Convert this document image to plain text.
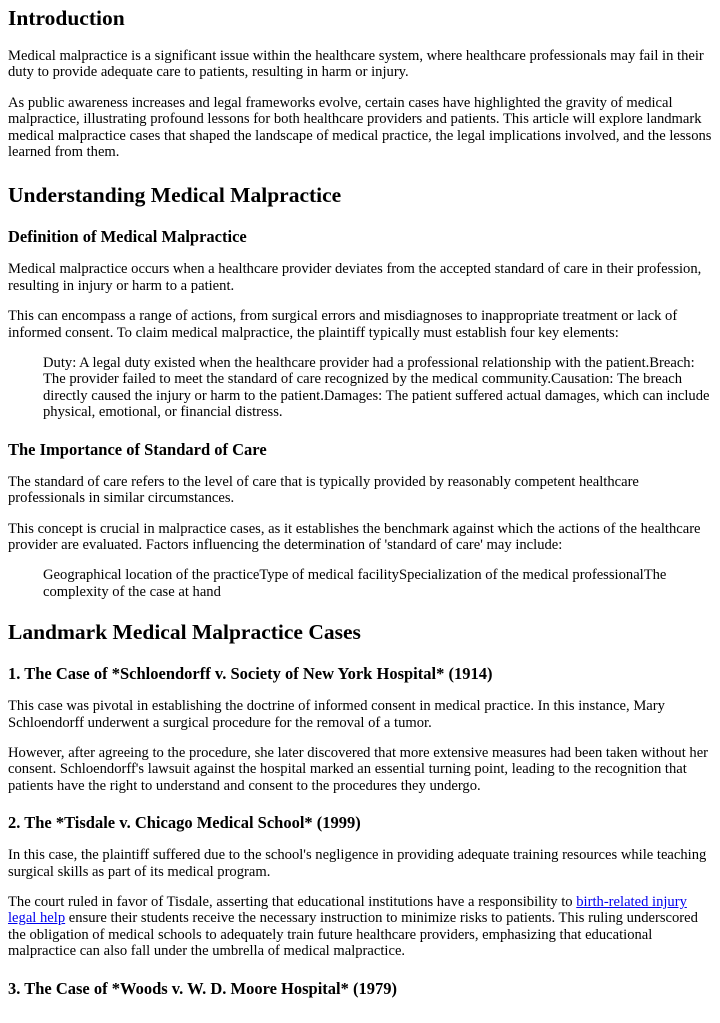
Introduction

Medical malpractice is a significant issue within the healthcare system, where healthcare professionals may fail in their duty to provide adequate care to patients, resulting in harm or injury.

As public awareness increases and legal frameworks evolve, certain cases have highlighted the gravity of medical malpractice, illustrating profound lessons for both healthcare providers and patients. This article will explore landmark medical malpractice cases that shaped the landscape of medical practice, the legal implications involved, and the lessons learned from them.

Understanding Medical Malpractice
Definition of Medical Malpractice

Medical malpractice occurs when a healthcare provider deviates from the accepted standard of care in their profession, resulting in injury or harm to a patient.

This can encompass a range of actions, from surgical errors and misdiagnoses to inappropriate treatment or lack of informed consent. To claim medical malpractice, the plaintiff typically must establish four key elements:

Duty: A legal duty existed when the healthcare provider had a professional relationship with the patient.Breach: The provider failed to meet the standard of care recognized by the medical community.Causation: The breach directly caused the injury or harm to the patient.Damages: The patient suffered actual damages, which can include physical, emotional, or financial distress.
The Importance of Standard of Care

The standard of care refers to the level of care that is typically provided by reasonably competent healthcare professionals in similar circumstances.

This concept is crucial in malpractice cases, as it establishes the benchmark against which the actions of the healthcare provider are evaluated. Factors influencing the determination of 'standard of care' may include:

Geographical location of the practiceType of medical facilitySpecialization of the medical professionalThe complexity of the case at hand
Landmark Medical Malpractice Cases
1. The Case of *Schloendorff v. Society of New York Hospital* (1914)

This case was pivotal in establishing the doctrine of informed consent in medical practice. In this instance, Mary Schloendorff underwent a surgical procedure for the removal of a tumor.

However, after agreeing to the procedure, she later discovered that more extensive measures had been taken without her consent. Schloendorff's lawsuit against the hospital marked an essential turning point, leading to the recognition that patients have the right to understand and consent to the procedures they undergo.

2. The *Tisdale v. Chicago Medical School* (1999)

In this case, the plaintiff suffered due to the school's negligence in providing adequate training resources while teaching surgical skills as part of its medical program.

The court ruled in favor of Tisdale, asserting that educational institutions have a responsibility to birth-related injury legal help ensure their students receive the necessary instruction to minimize risks to patients. This ruling underscored the obligation of medical schools to adequately train future healthcare providers, emphasizing that educational malpractice can also fall under the umbrella of medical malpractice.

3. The Case of *Woods v. W. D. Moore Hospital* (1979)
